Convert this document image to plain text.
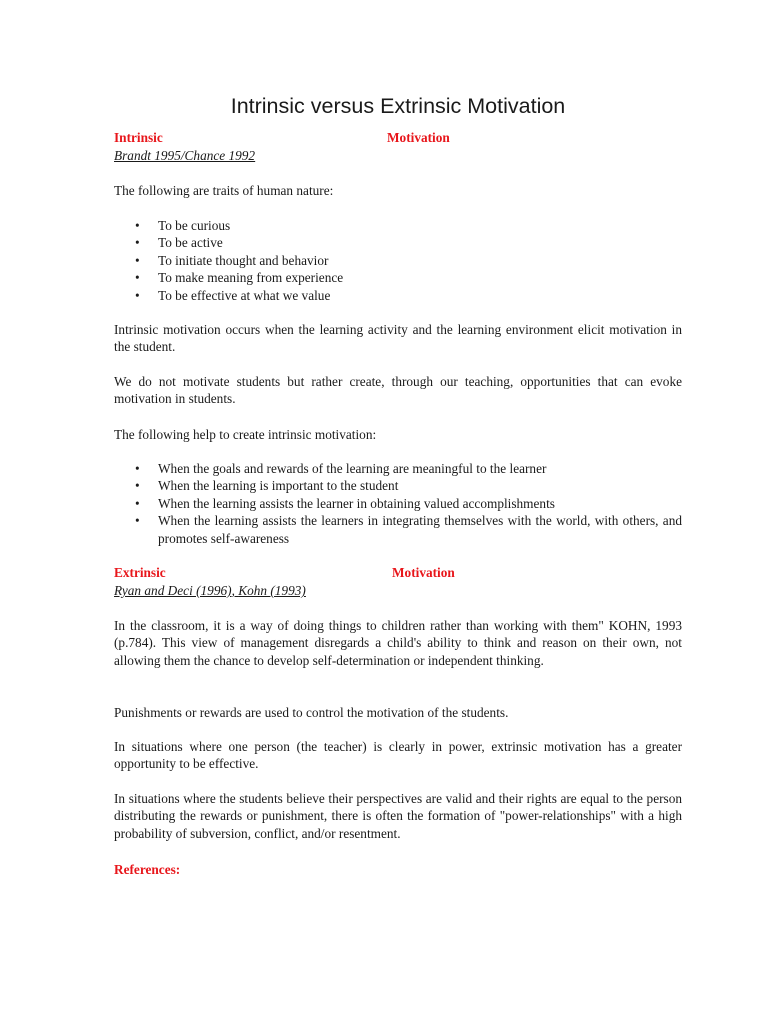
Intrinsic versus Extrinsic Motivation
Intrinsic	Motivation
Brandt 1995/Chance 1992

The following are traits of human nature:

• To be curious
• To be active
• To initiate thought and behavior
• To make meaning from experience
• To be effective at what we value

Intrinsic motivation occurs when the learning activity and the learning environment elicit motivation in the student.

We do not motivate students but rather create, through our teaching, opportunities that can evoke motivation in students.

The following help to create intrinsic motivation:

• When the goals and rewards of the learning are meaningful to the learner
• When the learning is important to the student
• When the learning assists the learner in obtaining valued accomplishments
• When the learning assists the learners in integrating themselves with the world, with others, and promotes self-awareness
Extrinsic	Motivation
Ryan and Deci (1996), Kohn (1993)

In the classroom, it is a way of doing things to children rather than working with them" KOHN, 1993 (p.784). This view of management disregards a child's ability to think and reason on their own, not allowing them the chance to develop self-determination or independent thinking.

Punishments or rewards are used to control the motivation of the students.

In situations where one person (the teacher) is clearly in power, extrinsic motivation has a greater opportunity to be effective.

In situations where the students believe their perspectives are valid and their rights are equal to the person distributing the rewards or punishment, there is often the formation of "power-relationships" with a high probability of subversion, conflict, and/or resentment.

References:
